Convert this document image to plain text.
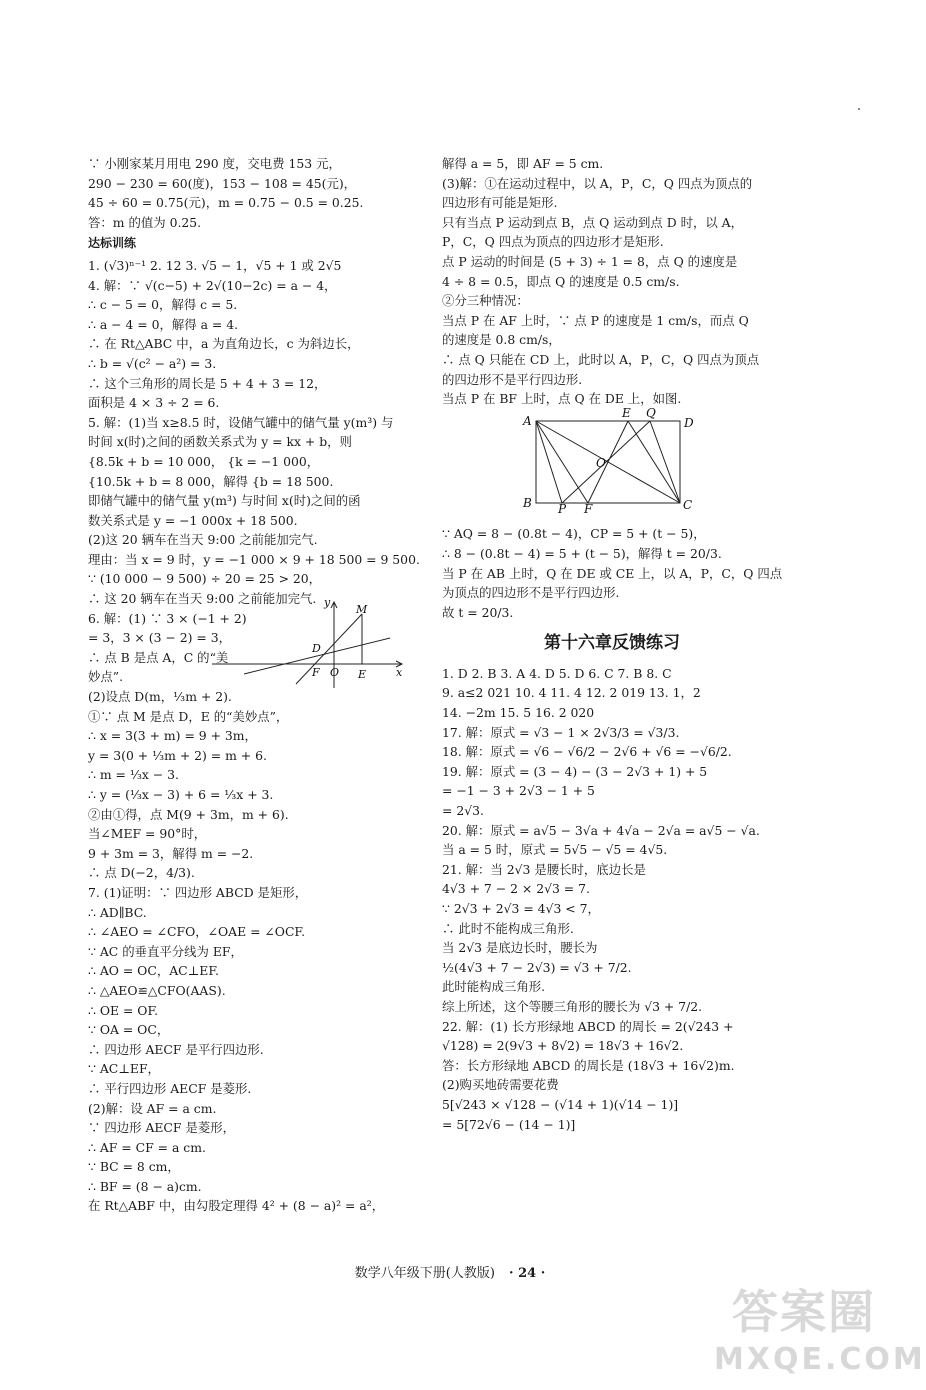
∵ 小刚家某月用电 290 度，交电费 153 元，
290 − 230 = 60(度)，153 − 108 = 45(元)，
45 ÷ 60 = 0.75(元)，m = 0.75 − 0.5 = 0.25.
答：m 的值为 0.25.
达标训练
1. (√3)ⁿ⁻¹ 2. 12 3. √5 − 1，√5 + 1 或 2√5
4. 解：∵ √(c−5) + 2√(10−2c) = a − 4，
∴ c − 5 = 0，解得 c = 5.
∴ a − 4 = 0，解得 a = 4.
∴ 在 Rt△ABC 中，a 为直角边长，c 为斜边长，
∴ b = √(c² − a²) = 3.
∴ 这个三角形的周长是 5 + 4 + 3 = 12，
面积是 4 × 3 ÷ 2 = 6.
5. 解：(1)当 x≥8.5 时，设储气罐中的储气量 y(m³) 与
时间 x(时)之间的函数关系式为 y = kx + b，则
{8.5k + b = 10 000， {k = −1 000，
{10.5k + b = 8 000，解得 {b = 18 500.
即储气罐中的储气量 y(m³) 与时间 x(时)之间的函
数关系式是 y = −1 000x + 18 500.
(2)这 20 辆车在当天 9:00 之前能加完气.
理由：当 x = 9 时，y = −1 000 × 9 + 18 500 = 9 500.
∵ (10 000 − 9 500) ÷ 20 = 25 > 20，
∴ 这 20 辆车在当天 9:00 之前能加完气.
6. 解：(1) ∵ 3 × (−1 + 2)
= 3，3 × (3 − 2) = 3，
∴ 点 B 是点 A，C 的“美
妙点”.
(2)设点 D(m，⅓m + 2).
①∵ 点 M 是点 D，E 的“美妙点”，
∴ x = 3(3 + m) = 9 + 3m，
y = 3(0 + ⅓m + 2) = m + 6.
∴ m = ⅓x − 3.
∴ y = (⅓x − 3) + 6 = ⅓x + 3.
②由①得，点 M(9 + 3m，m + 6).
当∠MEF = 90°时，
9 + 3m = 3，解得 m = −2.
∴ 点 D(−2，4/3).
7. (1)证明：∵ 四边形 ABCD 是矩形，
∴ AD∥BC.
∴ ∠AEO = ∠CFO，∠OAE = ∠OCF.
∵ AC 的垂直平分线为 EF，
∴ AO = OC，AC⊥EF.
∴ △AEO≌△CFO(AAS).
∴ OE = OF.
∵ OA = OC，
∴ 四边形 AECF 是平行四边形.
∵ AC⊥EF，
∴ 平行四边形 AECF 是菱形.
(2)解：设 AF = a cm.
∵ 四边形 AECF 是菱形，
∴ AF = CF = a cm.
∵ BC = 8 cm，
∴ BF = (8 − a)cm.
在 Rt△ABF 中，由勾股定理得 4² + (8 − a)² = a²，
解得 a = 5，即 AF = 5 cm.
(3)解：①在运动过程中，以 A，P，C，Q 四点为顶点的
四边形有可能是矩形.
只有当点 P 运动到点 B，点 Q 运动到点 D 时，以 A，
P，C，Q 四点为顶点的四边形才是矩形.
点 P 运动的时间是 (5 + 3) ÷ 1 = 8，点 Q 的速度是
4 ÷ 8 = 0.5，即点 Q 的速度是 0.5 cm/s.
②分三种情况：
当点 P 在 AF 上时，∵ 点 P 的速度是 1 cm/s，而点 Q
的速度是 0.8 cm/s，
∴ 点 Q 只能在 CD 上，此时以 A，P，C，Q 四点为顶点
的四边形不是平行四边形.
当点 P 在 BF 上时，点 Q 在 DE 上，如图.
A
E Q
D
O
B P F	C
∵ AQ = 8 − (0.8t − 4)，CP = 5 + (t − 5)，
∴ 8 − (0.8t − 4) = 5 + (t − 5)，解得 t = 20/3.
当 P 在 AB 上时，Q 在 DE 或 CE 上，以 A，P，C，Q 四点
为顶点的四边形不是平行四边形.
故 t = 20/3.
第十六章反馈练习
1. D 2. B 3. A 4. D 5. D 6. C 7. B 8. C
9. a≤2 021 10. 4 11. 4 12. 2 019 13. 1，2
14. −2m 15. 5 16. 2 020
17. 解：原式 = √3 − 1 × 2√3/3 = √3/3.
18. 解：原式 = √6 − √6/2 − 2√6 + √6 = −√6/2.
19. 解：原式 = (3 − 4) − (3 − 2√3 + 1) + 5
= −1 − 3 + 2√3 − 1 + 5
= 2√3.
20. 解：原式 = a√5 − 3√a + 4√a − 2√a = a√5 − √a.
当 a = 5 时，原式 = 5√5 − √5 = 4√5.
21. 解：当 2√3 是腰长时，底边长是
4√3 + 7 − 2 × 2√3 = 7.
∵ 2√3 + 2√3 = 4√3 < 7，
∴ 此时不能构成三角形.
当 2√3 是底边长时，腰长为
½(4√3 + 7 − 2√3) = √3 + 7/2.
此时能构成三角形.
综上所述，这个等腰三角形的腰长为 √3 + 7/2.
22. 解：(1) 长方形绿地 ABCD 的周长 = 2(√243 +
√128) = 2(9√3 + 8√2) = 18√3 + 16√2.
答：长方形绿地 ABCD 的周长是 (18√3 + 16√2)m.
(2)购买地砖需要花费
5[√243 × √128 − (√14 + 1)(√14 − 1)]
= 5[72√6 − (14 − 1)]
y
M
D
F O E	x
数学八年级下册(人教版) · 24 ·
答案圈
MXQE.COM
